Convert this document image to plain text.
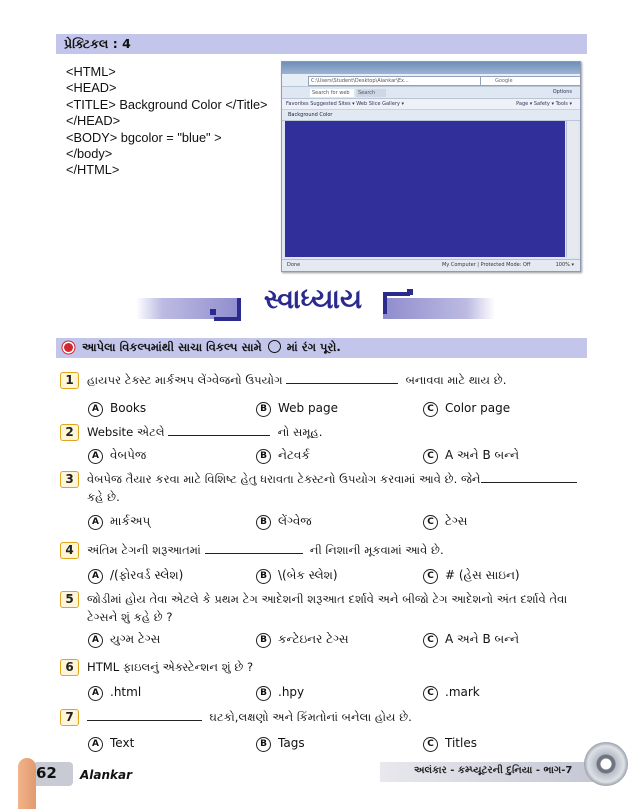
પ્રેક્ટિકલ : 4
<HTML>
<HEAD>
<TITLE> Background Color </Title>
</HEAD>
<BODY> bgcolor = "blue" >
</body>
</HTML>
C:\Users\Student\Desktop\Alankar\Ex...	Google
Search for web	Search	Options
Favorites Suggested Sites ▾ Web Slice Gallery ▾	Page ▾ Safety ▾ Tools ▾
Background Color
Done	My Computer | Protected Mode: Off	100% ▾
સ્વાધ્યાય
આપેલા વિકલ્પમાંથી સાચા વિકલ્પ સામે માં રંગ પૂરો.
1	હાયપર ટેક્સ્ટ માર્કઅપ લેંગ્વેજનો ઉપયોગ	બનાવવા માટે થાય છે.
A Books	B Web page	C Color page
2	Website એટલે	નો સમૂહ.
A વેબપેજ	B નેટવર્ક	C A અને B બન્ને
3	વેબપેજ તૈયાર કરવા માટે વિશિષ્ટ હેતુ ધરાવતા ટેક્સ્ટનો ઉપયોગ કરવામાં આવે છે. જેને
કહે છે.
A માર્કઅપ્	B લેંગ્વેજ	C ટેગ્સ
4	અંતિમ ટેગની શરૂઆતમાં	ની નિશાની મૂકવામાં આવે છે.
A /(ફોરવર્ડ સ્લેશ)	B \(બેક સ્લેશ)	C # (હેસ સાઇન)
5	જોડીમાં હોય તેવા એટલે કે પ્રથમ ટેગ આદેશની શરૂઆત દર્શાવે અને બીજો ટેગ આદેશનો અંત દર્શાવે તેવા
ટેગ્સને શું કહે છે ?
A યુગ્મ ટેગ્સ	B કન્ટેઇનર ટેગ્સ	C A અને B બન્ને
6	HTML ફાઇલનું એક્સ્ટેન્શન શું છે ?
A .html	B .hpy	C .mark
7	ઘટકો,લક્ષણો અને કિંમતોનાં બનેલા હોય છે.
A Text	B Tags	C Titles
62 Alankar	અલંકાર - કમ્પ્યૂટરની દુનિયા - ભાગ-7
